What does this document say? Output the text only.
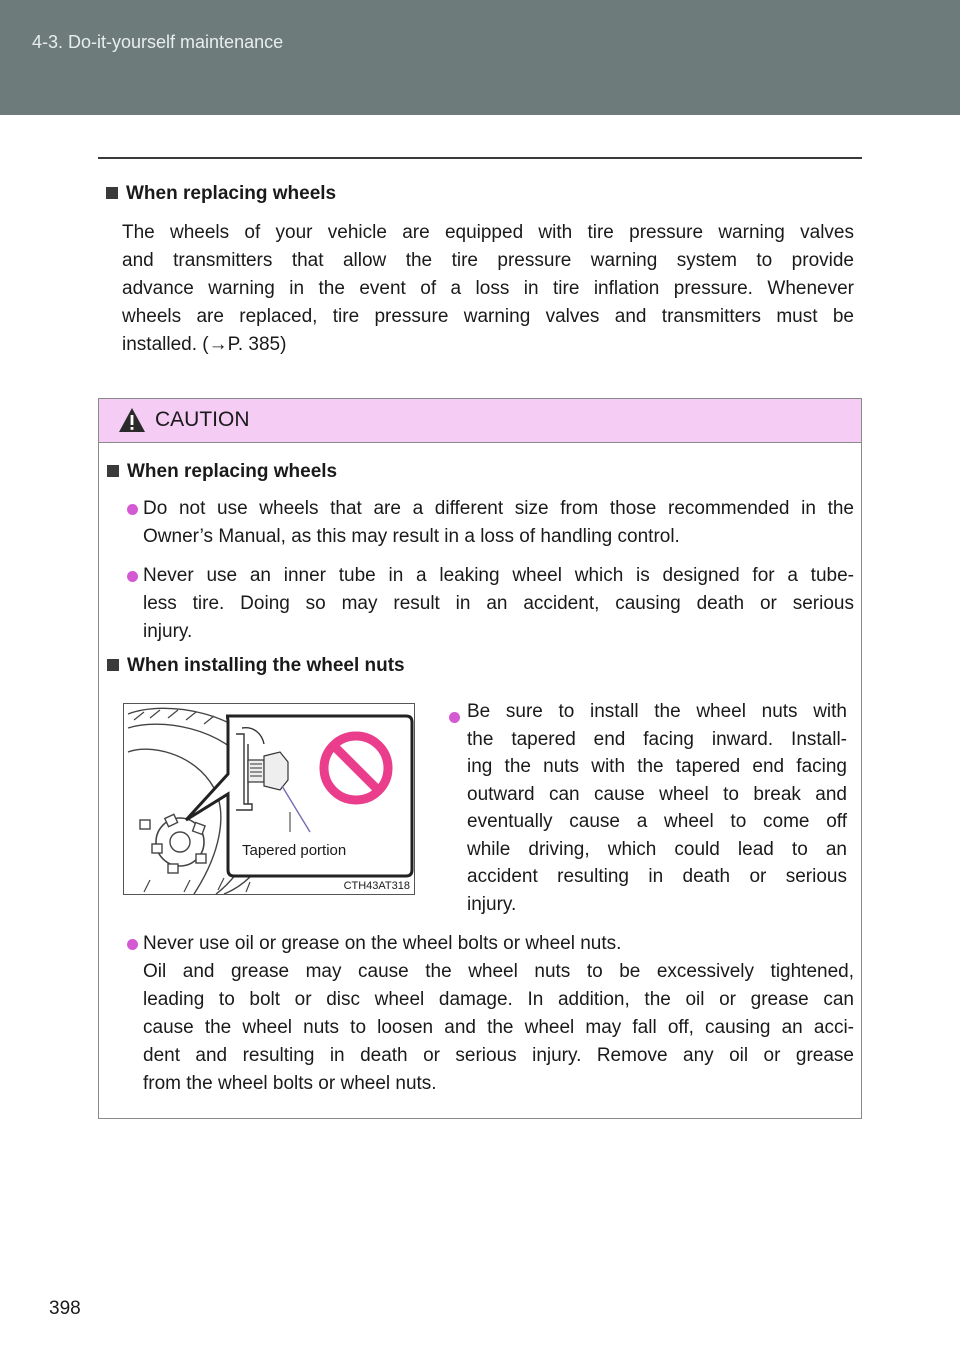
4-3. Do-it-yourself maintenance
When replacing wheels
The wheels of your vehicle are equipped with tire pressure warning valves
and transmitters that allow the tire pressure warning system to provide
advance warning in the event of a loss in tire inflation pressure. Whenever
wheels are replaced, tire pressure warning valves and transmitters must be
installed. (→P. 385)
CAUTION
When replacing wheels
Do not use wheels that are a different size from those recommended in the
Owner’s Manual, as this may result in a loss of handling control.
Never use an inner tube in a leaking wheel which is designed for a tube-
less tire. Doing so may result in an accident, causing death or serious
injury.
When installing the wheel nuts
Tapered portion
CTH43AT318
Be sure to install the wheel nuts with
the tapered end facing inward. Install-
ing the nuts with the tapered end facing
outward can cause wheel to break and
eventually cause a wheel to come off
while driving, which could lead to an
accident resulting in death or serious
injury.
Never use oil or grease on the wheel bolts or wheel nuts.
Oil and grease may cause the wheel nuts to be excessively tightened,
leading to bolt or disc wheel damage. In addition, the oil or grease can
cause the wheel nuts to loosen and the wheel may fall off, causing an acci-
dent and resulting in death or serious injury. Remove any oil or grease
from the wheel bolts or wheel nuts.
398
